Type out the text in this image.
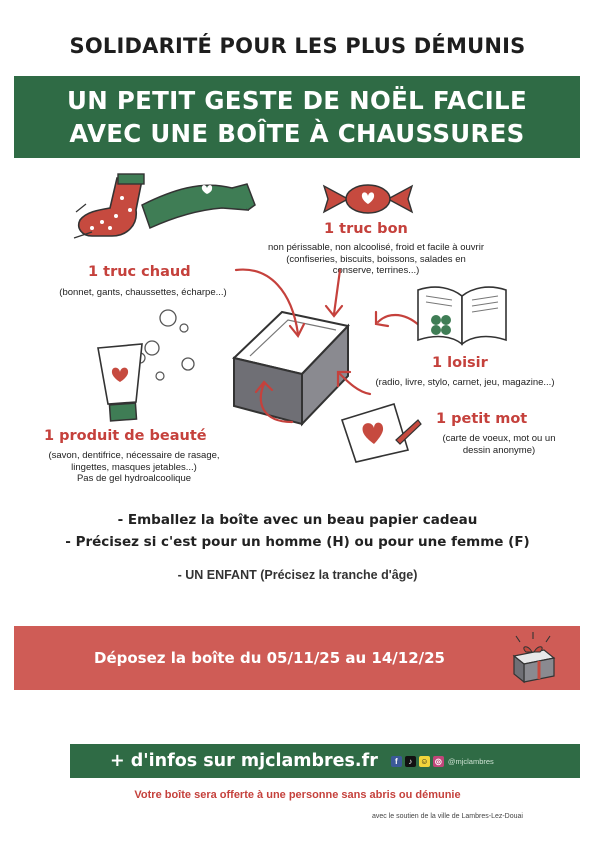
SOLIDARITÉ POUR LES PLUS DÉMUNIS
UN PETIT GESTE DE NOËL FACILE
AVEC UNE BOÎTE À CHAUSSURES
1 truc bon
non périssable, non alcoolisé, froid et facile à ouvrir
(confiseries, biscuits, boissons, salades en
conserve, terrines...)
1 truc chaud
(bonnet, gants, chaussettes, écharpe...)
1 loisir
(radio, livre, stylo, carnet, jeu, magazine...)
1 petit mot
(carte de voeux, mot ou un
dessin anonyme)
1 produit de beauté
(savon, dentifrice, nécessaire de rasage,
lingettes, masques jetables...)
Pas de gel hydroalcoolique
- Emballez la boîte avec un beau papier cadeau
- Précisez si c'est pour un homme (H) ou pour une femme (F)
- UN ENFANT (Précisez la tranche d'âge)
Déposez la boîte du 05/11/25 au 14/12/25
+ d'infos sur mjclambres.fr	f	♪ ☺ ◎ @mjclambres
Votre boîte sera offerte à une personne sans abris ou démunie
avec le soutien de la ville de Lambres-Lez-Douai
